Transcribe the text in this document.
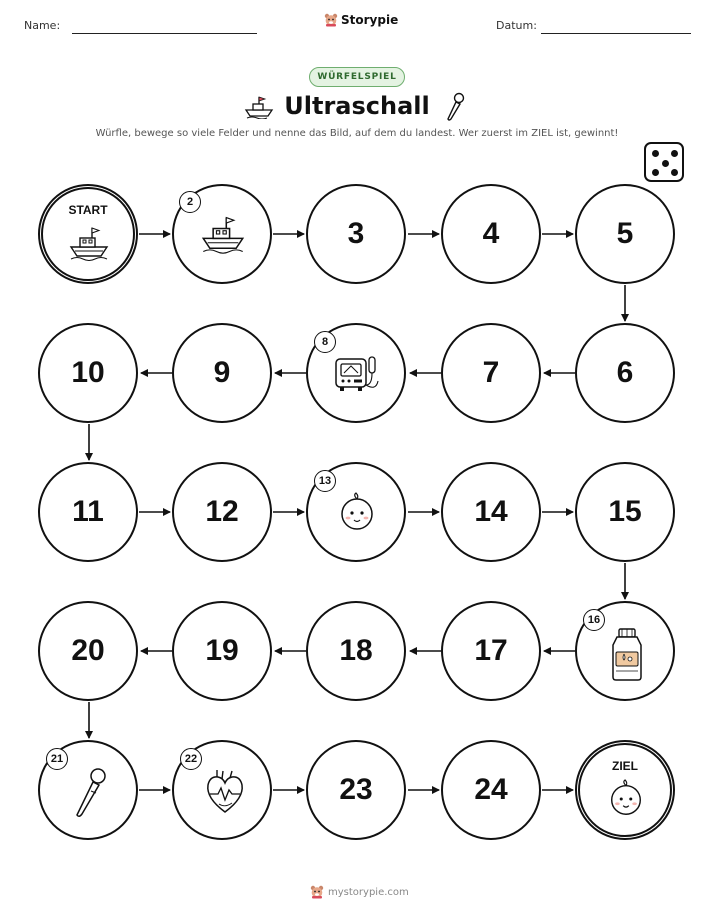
Name:	Storypie	Datum:
WÜRFELSPIEL
Ultraschall
Würfle, bewege so viele Felder und nenne das Bild, auf dem du landest. Wer zuerst im ZIEL ist, gewinnt!
START
2
3	4	5
10	9
8
7	6
11	12
13
14	15
20	19	18	17
16
21	22
23	24
ZIEL
mystorypie.com
